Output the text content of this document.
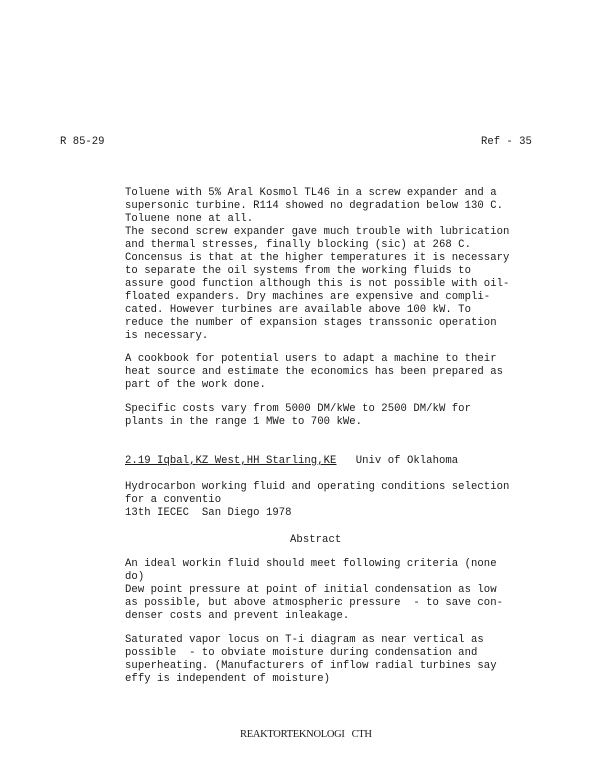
R 85-29	Ref - 35
Toluene with 5% Aral Kosmol TL46 in a screw expander and a
supersonic turbine. R114 showed no degradation below 130 C.
Toluene none at all.
The second screw expander gave much trouble with lubrication
and thermal stresses, finally blocking (sic) at 268 C.
Concensus is that at the higher temperatures it is necessary
to separate the oil systems from the working fluids to
assure good function although this is not possible with oil-
floated expanders. Dry machines are expensive and compli-
cated. However turbines are available above 100 kW. To
reduce the number of expansion stages transsonic operation
is necessary.
A cookbook for potential users to adapt a machine to their
heat source and estimate the economics has been prepared as
part of the work done.
Specific costs vary from 5000 DM/kWe to 2500 DM/kW for
plants in the range 1 MWe to 700 kWe.
2.19 Iqbal,KZ West,HH Starling,KE Univ of Oklahoma
Hydrocarbon working fluid and operating conditions selection
for a conventio
13th IECEC  San Diego 1978
Abstract
An ideal workin fluid should meet following criteria (none
do)
Dew point pressure at point of initial condensation as low
as possible, but above atmospheric pressure  - to save con-
denser costs and prevent inleakage.
Saturated vapor locus on T-i diagram as near vertical as
possible  - to obviate moisture during condensation and
superheating. (Manufacturers of inflow radial turbines say
effy is independent of moisture)
REAKTORTEKNOLOGI   CTH
